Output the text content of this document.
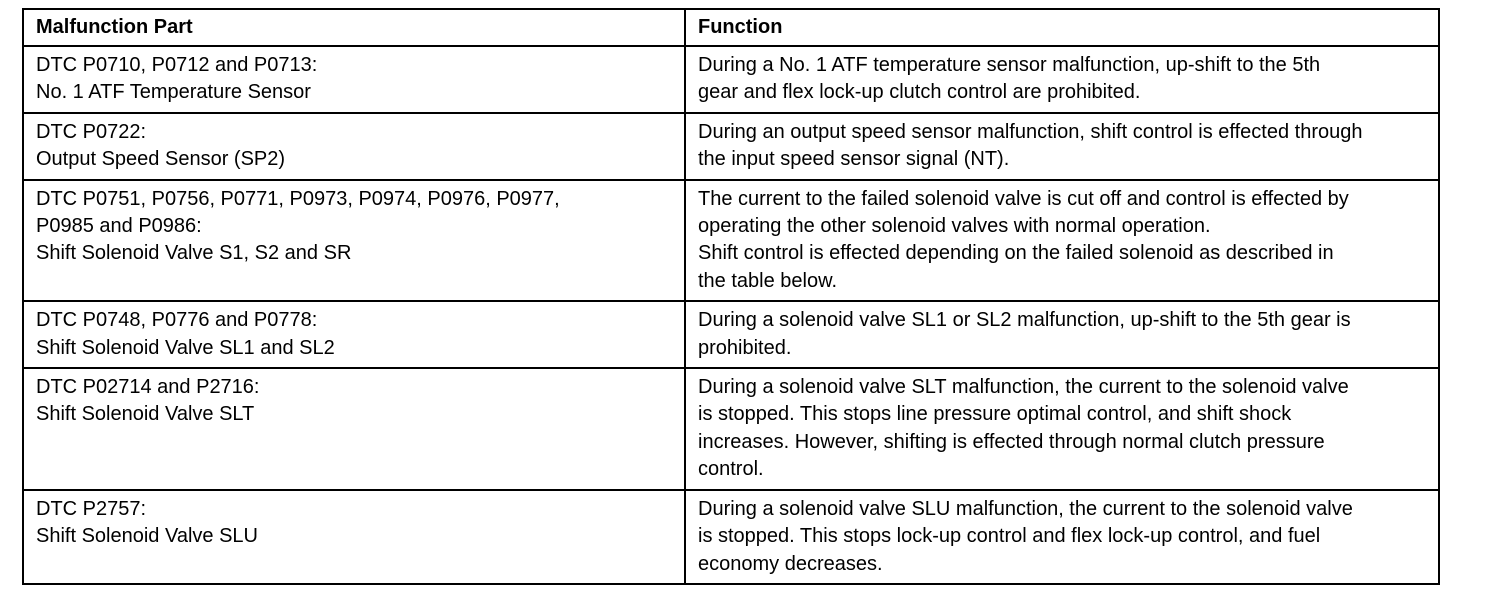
Malfunction Part	Function
DTC P0710, P0712 and P0713:
No. 1 ATF Temperature Sensor
During a No. 1 ATF temperature sensor malfunction, up-shift to the 5th
gear and flex lock-up clutch control are prohibited.
DTC P0722:
Output Speed Sensor (SP2)
During an output speed sensor malfunction, shift control is effected through
the input speed sensor signal (NT).
DTC P0751, P0756, P0771, P0973, P0974, P0976, P0977,
P0985 and P0986:
Shift Solenoid Valve S1, S2 and SR
The current to the failed solenoid valve is cut off and control is effected by
operating the other solenoid valves with normal operation.
Shift control is effected depending on the failed solenoid as described in
the table below.
DTC P0748, P0776 and P0778:
Shift Solenoid Valve SL1 and SL2
During a solenoid valve SL1 or SL2 malfunction, up-shift to the 5th gear is
prohibited.
DTC P02714 and P2716:
Shift Solenoid Valve SLT
During a solenoid valve SLT malfunction, the current to the solenoid valve
is stopped. This stops line pressure optimal control, and shift shock
increases. However, shifting is effected through normal clutch pressure
control.
DTC P2757:
Shift Solenoid Valve SLU
During a solenoid valve SLU malfunction, the current to the solenoid valve
is stopped. This stops lock-up control and flex lock-up control, and fuel
economy decreases.
